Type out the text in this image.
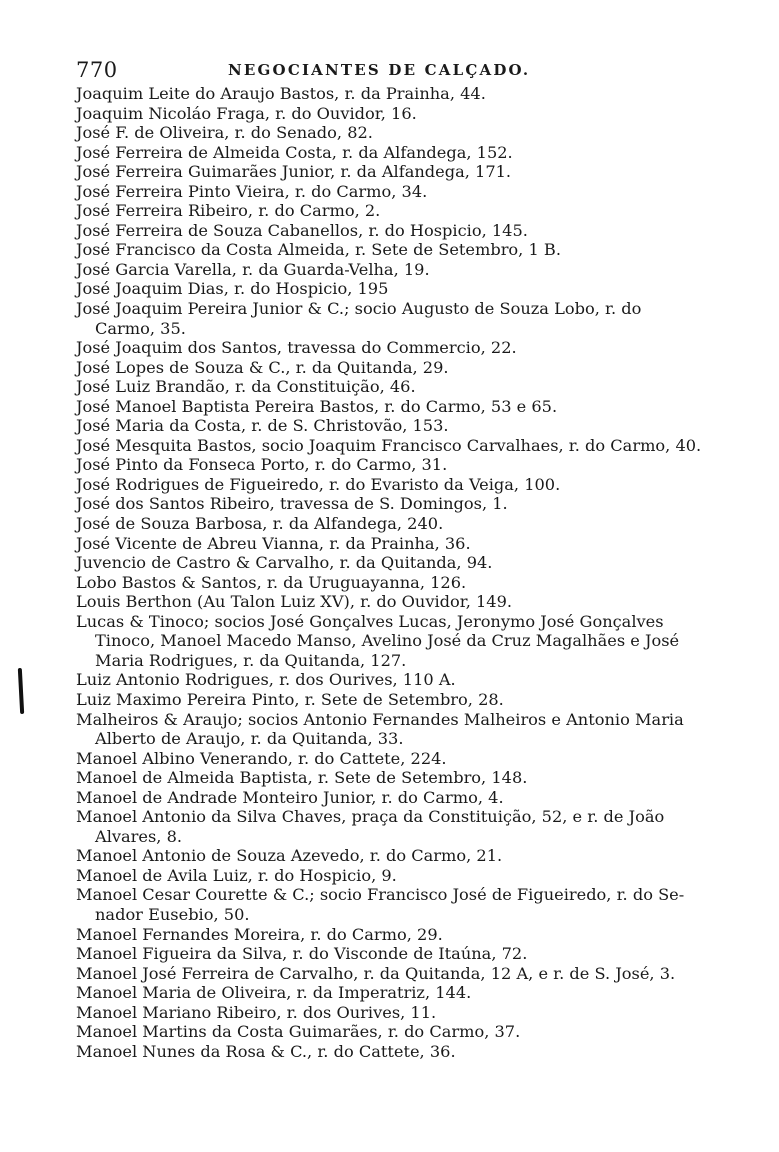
770	NEGOCIANTES DE CALÇADO.

Joaquim Leite do Araujo Bastos, r. da Prainha, 44.

Joaquim Nicoláo Fraga, r. do Ouvidor, 16.

José F. de Oliveira, r. do Senado, 82.

José Ferreira de Almeida Costa, r. da Alfandega, 152.

José Ferreira Guimarães Junior, r. da Alfandega, 171.

José Ferreira Pinto Vieira, r. do Carmo, 34.

José Ferreira Ribeiro, r. do Carmo, 2.

José Ferreira de Souza Cabanellos, r. do Hospicio, 145.

José Francisco da Costa Almeida, r. Sete de Setembro, 1 B.

José Garcia Varella, r. da Guarda-Velha, 19.

José Joaquim Dias, r. do Hospicio, 195

José Joaquim Pereira Junior & C.; socio Augusto de Souza Lobo, r. do
Carmo, 35.

José Joaquim dos Santos, travessa do Commercio, 22.

José Lopes de Souza & C., r. da Quitanda, 29.

José Luiz Brandão, r. da Constituição, 46.

José Manoel Baptista Pereira Bastos, r. do Carmo, 53 e 65.

José Maria da Costa, r. de S. Christovão, 153.

José Mesquita Bastos, socio Joaquim Francisco Carvalhaes, r. do Carmo, 40.

José Pinto da Fonseca Porto, r. do Carmo, 31.

José Rodrigues de Figueiredo, r. do Evaristo da Veiga, 100.

José dos Santos Ribeiro, travessa de S. Domingos, 1.

José de Souza Barbosa, r. da Alfandega, 240.

José Vicente de Abreu Vianna, r. da Prainha, 36.

Juvencio de Castro & Carvalho, r. da Quitanda, 94.

Lobo Bastos & Santos, r. da Uruguayanna, 126.

Louis Berthon (Au Talon Luiz XV), r. do Ouvidor, 149.

Lucas & Tinoco; socios José Gonçalves Lucas, Jeronymo José Gonçalves
Tinoco, Manoel Macedo Manso, Avelino José da Cruz Magalhães e José
Maria Rodrigues, r. da Quitanda, 127.

Luiz Antonio Rodrigues, r. dos Ourives, 110 A.

Luiz Maximo Pereira Pinto, r. Sete de Setembro, 28.

Malheiros & Araujo; socios Antonio Fernandes Malheiros e Antonio Maria
Alberto de Araujo, r. da Quitanda, 33.

Manoel Albino Venerando, r. do Cattete, 224.

Manoel de Almeida Baptista, r. Sete de Setembro, 148.

Manoel de Andrade Monteiro Junior, r. do Carmo, 4.

Manoel Antonio da Silva Chaves, praça da Constituição, 52, e r. de João
Alvares, 8.

Manoel Antonio de Souza Azevedo, r. do Carmo, 21.

Manoel de Avila Luiz, r. do Hospicio, 9.

Manoel Cesar Courette & C.; socio Francisco José de Figueiredo, r. do Se-
nador Eusebio, 50.

Manoel Fernandes Moreira, r. do Carmo, 29.

Manoel Figueira da Silva, r. do Visconde de Itaúna, 72.

Manoel José Ferreira de Carvalho, r. da Quitanda, 12 A, e r. de S. José, 3.

Manoel Maria de Oliveira, r. da Imperatriz, 144.

Manoel Mariano Ribeiro, r. dos Ourives, 11.

Manoel Martins da Costa Guimarães, r. do Carmo, 37.

Manoel Nunes da Rosa & C., r. do Cattete, 36.
